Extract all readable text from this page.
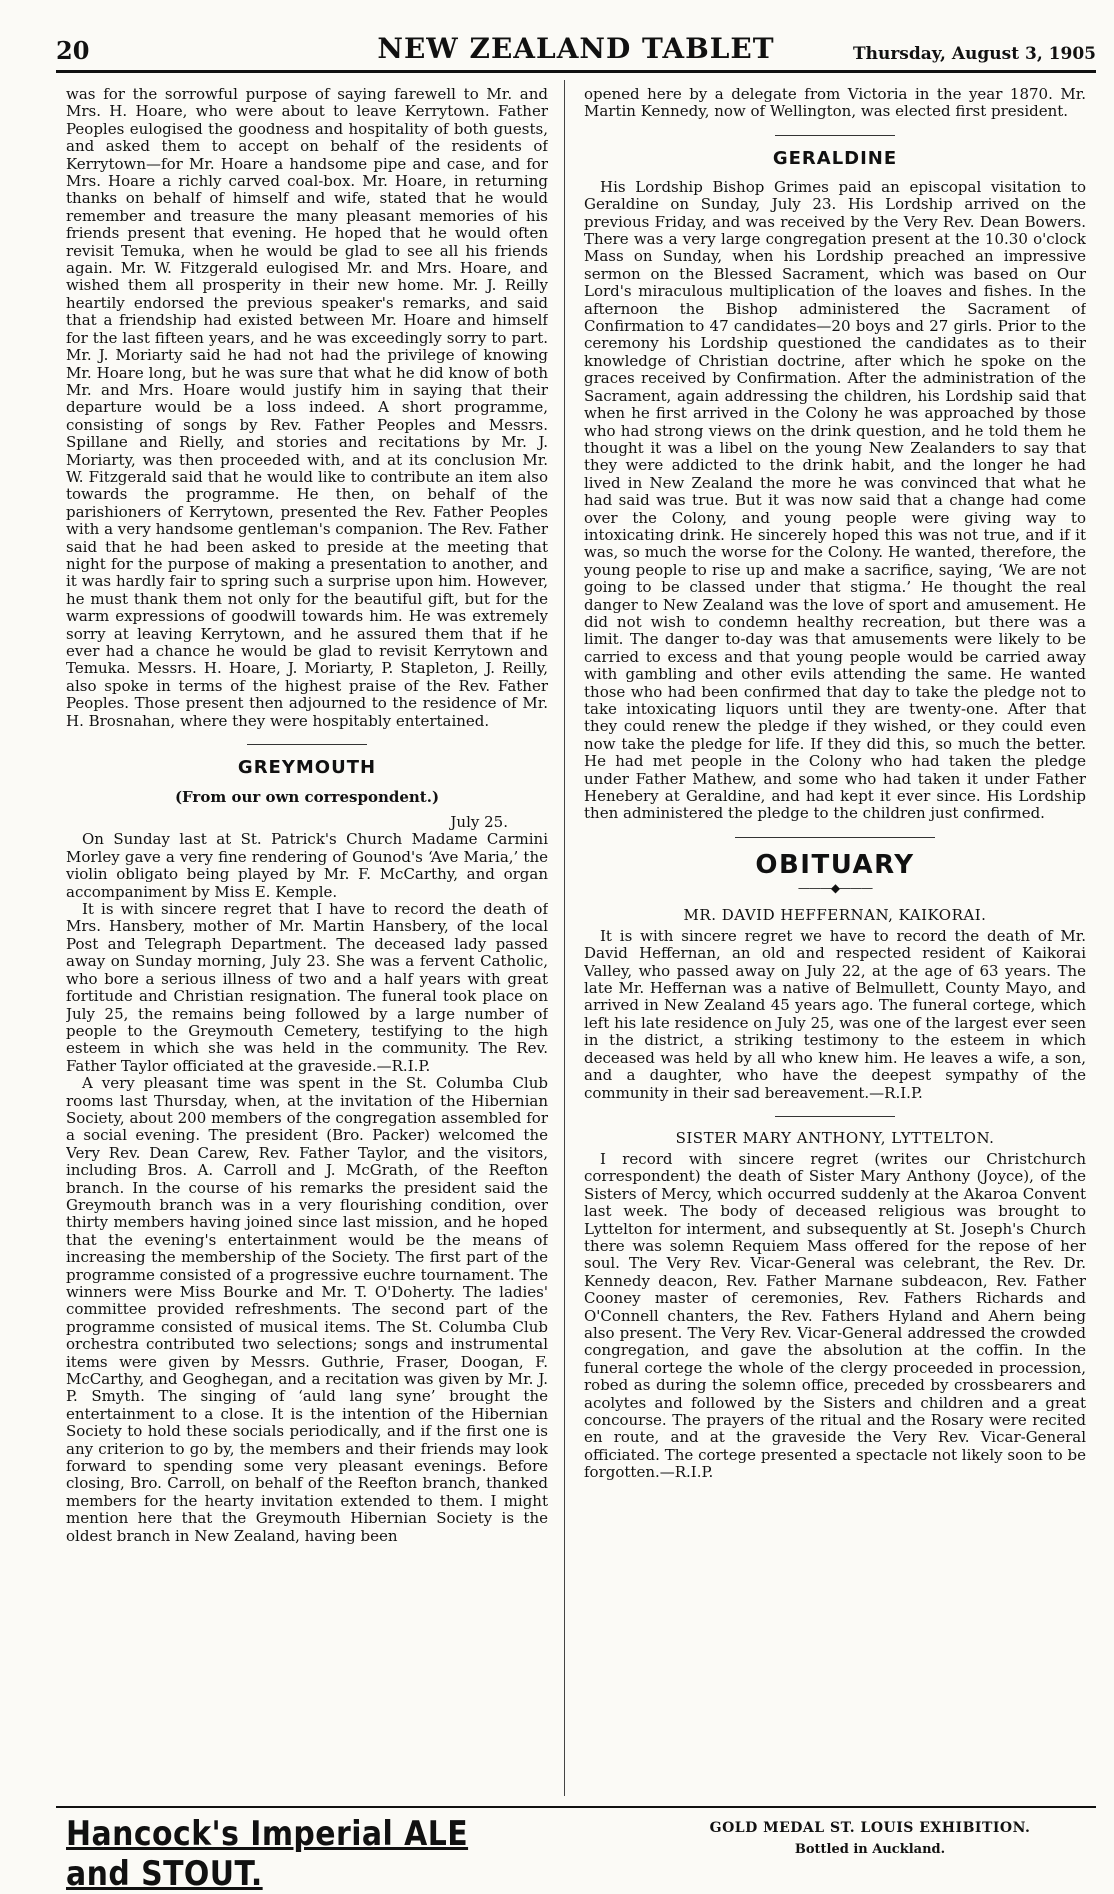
20	NEW ZEALAND TABLET	Thursday, August 3, 1905

was for the sorrowful purpose of saying farewell to Mr. and Mrs. H. Hoare, who were about to leave Kerrytown. Father Peoples eulogised the goodness and hospitality of both guests, and asked them to accept on behalf of the residents of Kerrytown—for Mr. Hoare a handsome pipe and case, and for Mrs. Hoare a richly carved coal-box. Mr. Hoare, in returning thanks on behalf of himself and wife, stated that he would remember and treasure the many pleasant memories of his friends present that evening. He hoped that he would often revisit Temuka, when he would be glad to see all his friends again. Mr. W. Fitzgerald eulogised Mr. and Mrs. Hoare, and wished them all prosperity in their new home. Mr. J. Reilly heartily endorsed the previous speaker's remarks, and said that a friendship had existed between Mr. Hoare and himself for the last fifteen years, and he was exceedingly sorry to part. Mr. J. Moriarty said he had not had the privilege of knowing Mr. Hoare long, but he was sure that what he did know of both Mr. and Mrs. Hoare would justify him in saying that their departure would be a loss indeed. A short programme, consisting of songs by Rev. Father Peoples and Messrs. Spillane and Rielly, and stories and recitations by Mr. J. Moriarty, was then proceeded with, and at its conclusion Mr. W. Fitzgerald said that he would like to contribute an item also towards the programme. He then, on behalf of the parishioners of Kerrytown, presented the Rev. Father Peoples with a very handsome gentleman's companion. The Rev. Father said that he had been asked to preside at the meeting that night for the purpose of making a presentation to another, and it was hardly fair to spring such a surprise upon him. However, he must thank them not only for the beautiful gift, but for the warm expressions of goodwill towards him. He was extremely sorry at leaving Kerrytown, and he assured them that if he ever had a chance he would be glad to revisit Kerrytown and Temuka. Messrs. H. Hoare, J. Moriarty, P. Stapleton, J. Reilly, also spoke in terms of the highest praise of the Rev. Father Peoples. Those present then adjourned to the residence of Mr. H. Brosnahan, where they were hospitably entertained.

GREYMOUTH

(From our own correspondent.)

July 25.

On Sunday last at St. Patrick's Church Madame Carmini Morley gave a very fine rendering of Gounod's ‘Ave Maria,’ the violin obligato being played by Mr. F. McCarthy, and organ accompaniment by Miss E. Kemple.

It is with sincere regret that I have to record the death of Mrs. Hansbery, mother of Mr. Martin Hansbery, of the local Post and Telegraph Department. The deceased lady passed away on Sunday morning, July 23. She was a fervent Catholic, who bore a serious illness of two and a half years with great fortitude and Christian resignation. The funeral took place on July 25, the remains being followed by a large number of people to the Greymouth Cemetery, testifying to the high esteem in which she was held in the community. The Rev. Father Taylor officiated at the graveside.—R.I.P.

A very pleasant time was spent in the St. Columba Club rooms last Thursday, when, at the invitation of the Hibernian Society, about 200 members of the congregation assembled for a social evening. The president (Bro. Packer) welcomed the Very Rev. Dean Carew, Rev. Father Taylor, and the visitors, including Bros. A. Carroll and J. McGrath, of the Reefton branch. In the course of his remarks the president said the Greymouth branch was in a very flourishing condition, over thirty members having joined since last mission, and he hoped that the evening's entertainment would be the means of increasing the membership of the Society. The first part of the programme consisted of a progressive euchre tournament. The winners were Miss Bourke and Mr. T. O'Doherty. The ladies' committee provided refreshments. The second part of the programme consisted of musical items. The St. Columba Club orchestra contributed two selections; songs and instrumental items were given by Messrs. Guthrie, Fraser, Doogan, F. McCarthy, and Geoghegan, and a recitation was given by Mr. J. P. Smyth. The singing of ‘auld lang syne’ brought the entertainment to a close. It is the intention of the Hibernian Society to hold these socials periodically, and if the first one is any criterion to go by, the members and their friends may look forward to spending some very pleasant evenings. Before closing, Bro. Carroll, on behalf of the Reefton branch, thanked members for the hearty invitation extended to them. I might mention here that the Greymouth Hibernian Society is the oldest branch in New Zealand, having been

opened here by a delegate from Victoria in the year 1870. Mr. Martin Kennedy, now of Wellington, was elected first president.

GERALDINE

His Lordship Bishop Grimes paid an episcopal visitation to Geraldine on Sunday, July 23. His Lordship arrived on the previous Friday, and was received by the Very Rev. Dean Bowers. There was a very large congregation present at the 10.30 o'clock Mass on Sunday, when his Lordship preached an impressive sermon on the Blessed Sacrament, which was based on Our Lord's miraculous multiplication of the loaves and fishes. In the afternoon the Bishop administered the Sacrament of Confirmation to 47 candidates—20 boys and 27 girls. Prior to the ceremony his Lordship questioned the candidates as to their knowledge of Christian doctrine, after which he spoke on the graces received by Confirmation. After the administration of the Sacrament, again addressing the children, his Lordship said that when he first arrived in the Colony he was approached by those who had strong views on the drink question, and he told them he thought it was a libel on the young New Zealanders to say that they were addicted to the drink habit, and the longer he had lived in New Zealand the more he was convinced that what he had said was true. But it was now said that a change had come over the Colony, and young people were giving way to intoxicating drink. He sincerely hoped this was not true, and if it was, so much the worse for the Colony. He wanted, therefore, the young people to rise up and make a sacrifice, saying, ‘We are not going to be classed under that stigma.’ He thought the real danger to New Zealand was the love of sport and amusement. He did not wish to condemn healthy recreation, but there was a limit. The danger to-day was that amusements were likely to be carried to excess and that young people would be carried away with gambling and other evils attending the same. He wanted those who had been confirmed that day to take the pledge not to take intoxicating liquors until they are twenty-one. After that they could renew the pledge if they wished, or they could even now take the pledge for life. If they did this, so much the better. He had met people in the Colony who had taken the pledge under Father Mathew, and some who had taken it under Father Henebery at Geraldine, and had kept it ever since. His Lordship then administered the pledge to the children just confirmed.

OBITUARY

———◆———

MR. DAVID HEFFERNAN, KAIKORAI.

It is with sincere regret we have to record the death of Mr. David Heffernan, an old and respected resident of Kaikorai Valley, who passed away on July 22, at the age of 63 years. The late Mr. Heffernan was a native of Belmullett, County Mayo, and arrived in New Zealand 45 years ago. The funeral cortege, which left his late residence on July 25, was one of the largest ever seen in the district, a striking testimony to the esteem in which deceased was held by all who knew him. He leaves a wife, a son, and a daughter, who have the deepest sympathy of the community in their sad bereavement.—R.I.P.

SISTER MARY ANTHONY, LYTTELTON.

I record with sincere regret (writes our Christchurch correspondent) the death of Sister Mary Anthony (Joyce), of the Sisters of Mercy, which occurred suddenly at the Akaroa Convent last week. The body of deceased religious was brought to Lyttelton for interment, and subsequently at St. Joseph's Church there was solemn Requiem Mass offered for the repose of her soul. The Very Rev. Vicar-General was celebrant, the Rev. Dr. Kennedy deacon, Rev. Father Marnane subdeacon, Rev. Father Cooney master of ceremonies, Rev. Fathers Richards and O'Connell chanters, the Rev. Fathers Hyland and Ahern being also present. The Very Rev. Vicar-General addressed the crowded congregation, and gave the absolution at the coffin. In the funeral cortege the whole of the clergy proceeded in procession, robed as during the solemn office, preceded by crossbearers and acolytes and followed by the Sisters and children and a great concourse. The prayers of the ritual and the Rosary were recited en route, and at the graveside the Very Rev. Vicar-General officiated. The cortege presented a spectacle not likely soon to be forgotten.—R.I.P.

Hancock's Imperial ALE and STOUT.
GOLD MEDAL ST. LOUIS EXHIBITION.
Bottled in Auckland.
